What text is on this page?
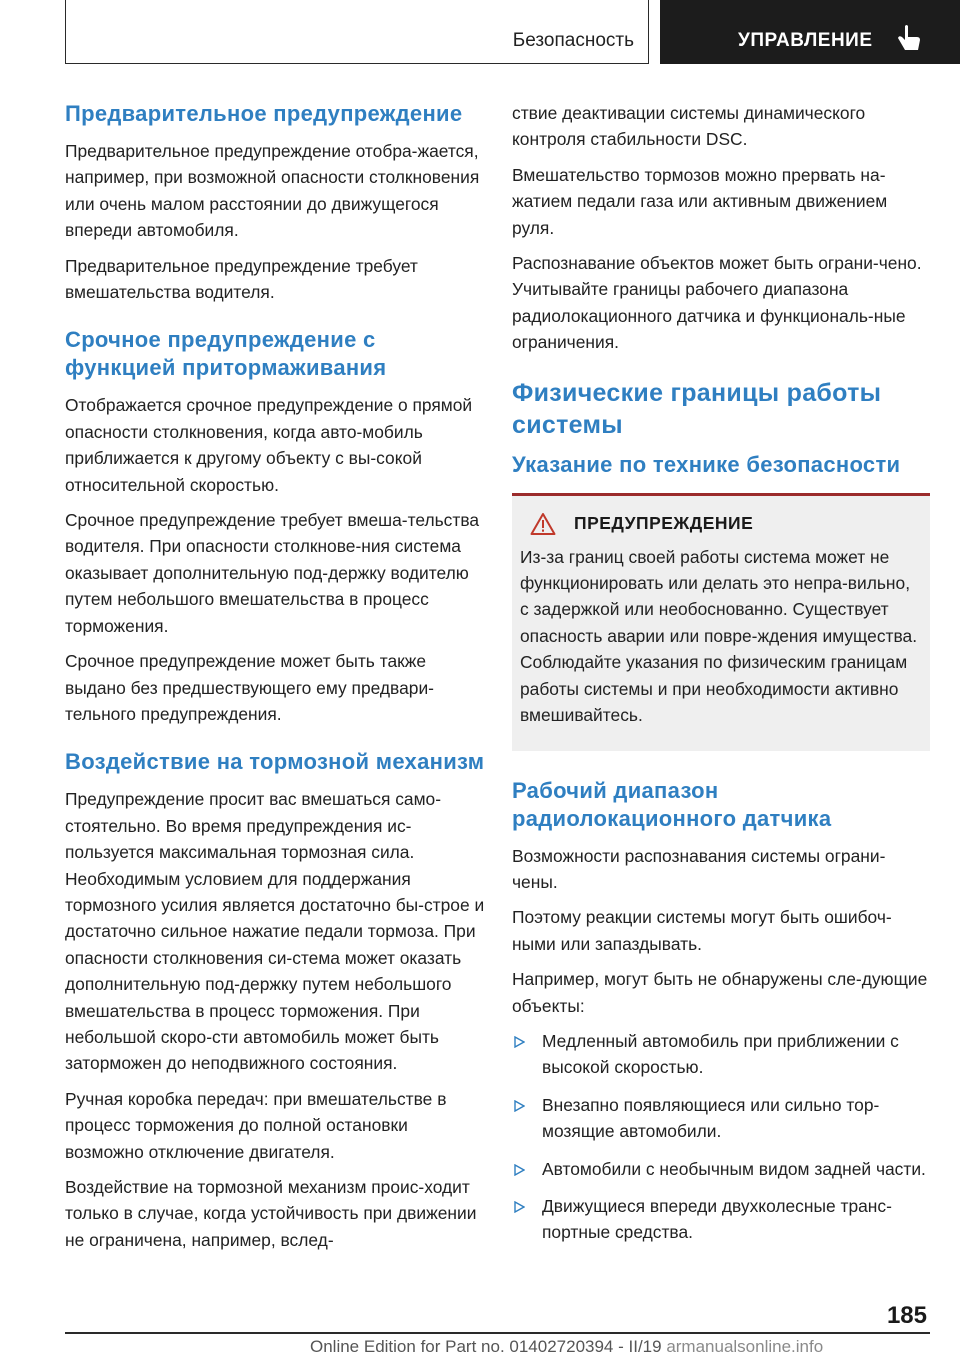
Безопасность	УПРАВЛЕНИЕ
Предварительное предупреждение

Предварительное предупреждение отобра-жается, например, при возможной опасности столкновения или очень малом расстоянии до движущегося впереди автомобиля.

Предварительное предупреждение требует вмешательства водителя.

Срочное предупреждение с функцией притормаживания

Отображается срочное предупреждение о прямой опасности столкновения, когда авто-мобиль приближается к другому объекту с вы-сокой относительной скоростью.

Срочное предупреждение требует вмеша-тельства водителя. При опасности столкнове-ния система оказывает дополнительную под-держку водителю путем небольшого вмешательства в процесс торможения.

Срочное предупреждение может быть также выдано без предшествующего ему предвари-тельного предупреждения.

Воздействие на тормозной механизм

Предупреждение просит вас вмешаться само-стоятельно. Во время предупреждения ис-пользуется максимальная тормозная сила. Необходимым условием для поддержания тормозного усилия является достаточно бы-строе и достаточно сильное нажатие педали тормоза. При опасности столкновения си-стема может оказать дополнительную под-держку путем небольшого вмешательства в процесс торможения. При небольшой скоро-сти автомобиль может быть заторможен до неподвижного состояния.

Ручная коробка передач: при вмешательстве в процесс торможения до полной остановки возможно отключение двигателя.

Воздействие на тормозной механизм проис-ходит только в случае, когда устойчивость при движении не ограничена, например, вслед-

ствие деактивации системы динамического контроля стабильности DSC.

Вмешательство тормозов можно прервать на-жатием педали газа или активным движением руля.

Распознавание объектов может быть ограни-чено. Учитывайте границы рабочего диапазона радиолокационного датчика и функциональ-ные ограничения.

Физические границы работы системы
Указание по технике безопасности
ПРЕДУПРЕЖДЕНИЕ

Из-за границ своей работы система может не функционировать или делать это непра-вильно, с задержкой или необоснованно. Существует опасность аварии или повре-ждения имущества. Соблюдайте указания по физическим границам работы системы и при необходимости активно вмешивайтесь.

Рабочий диапазон радиолокационного датчика

Возможности распознавания системы ограни-чены.

Поэтому реакции системы могут быть ошибоч-ными или запаздывать.

Например, могут быть не обнаружены сле-дующие объекты:

Медленный автомобиль при приближении с высокой скоростью.
Внезапно появляющиеся или сильно тор-мозящие автомобили.
Автомобили с необычным видом задней части.
Движущиеся впереди двухколесные транс-портные средства.
185
Online Edition for Part no. 01402720394 - II/19 armanualsonline.info
